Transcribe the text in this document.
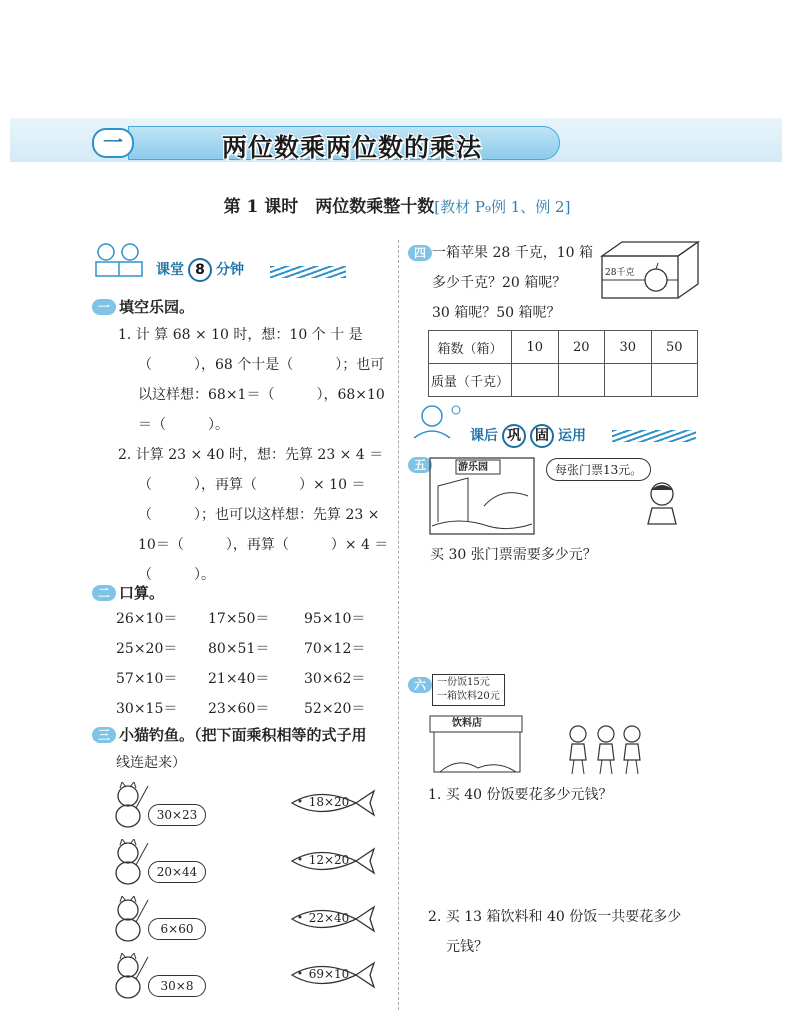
一	两位数乘两位数的乘法
第 1 课时　两位数乘整十数[教材 P₉例 1、例 2]
课堂 8 分钟
一 填空乐园。
1. 计 算 68 × 10 时，想：10 个 十 是
（　　　），68 个十是（　　　）；也可
以这样想：68×1＝（　　　），68×10
＝（　　　）。
2. 计算 23 × 40 时，想：先算 23 × 4 ＝
（　　　），再算（　　　）× 10 ＝
（　　　）；也可以这样想：先算 23 ×
10＝（　　　），再算（　　　）× 4 ＝
（　　　）。
二 口算。
26×10＝	17×50＝	95×10＝
25×20＝	80×51＝	70×12＝
57×10＝	21×40＝	30×62＝
30×15＝	23×60＝	52×20＝
三 小猫钓鱼。（把下面乘积相等的式子用
线连起来）
30×23
20×44
6×60
30×8
18×20
12×20
22×40
69×10
四 一箱苹果 28 千克，10 箱
多少千克？20 箱呢？
30 箱呢？50 箱呢？
28千克
箱数（箱）	10	20	30	50
质量（千克）				
课后 巩 固 运用
五	游乐园	每张门票13元。
买 30 张门票需要多少元？
六	一份饭15元
一箱饮料20元
饮料店
1. 买 40 份饭要花多少元钱？
2. 买 13 箱饮料和 40 份饭一共要花多少
元钱？
